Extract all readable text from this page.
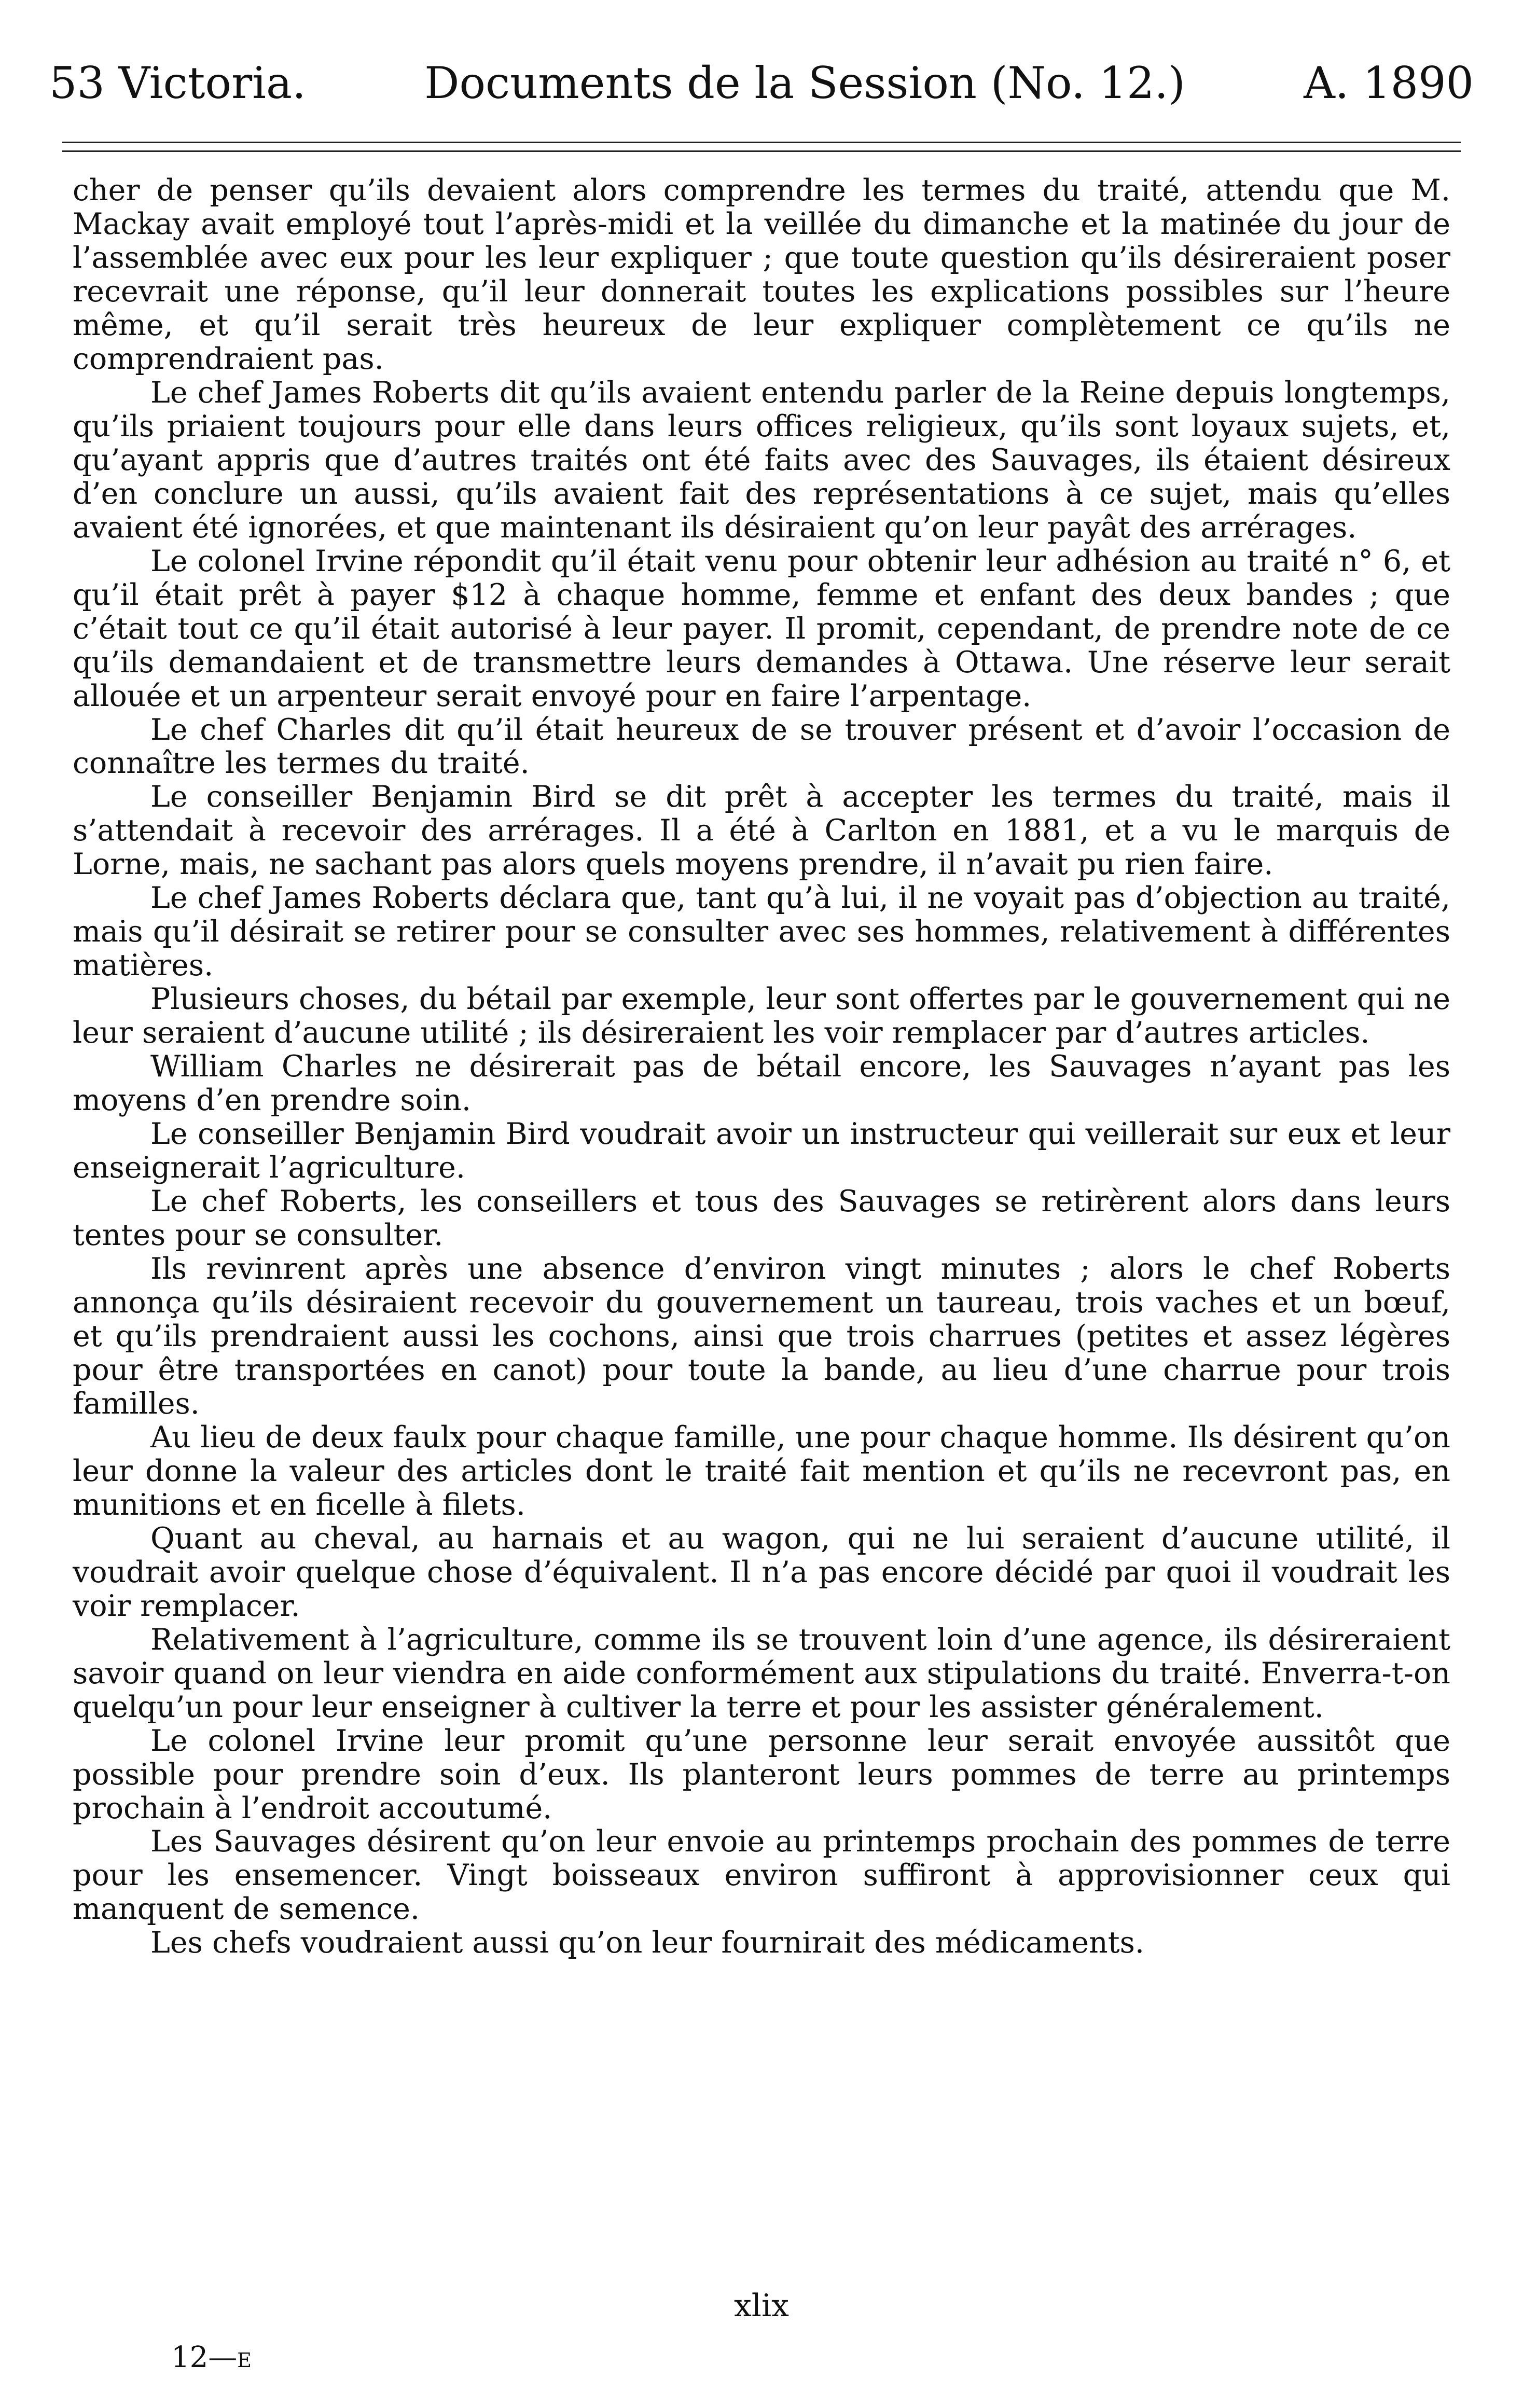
53 Victoria.	Documents de la Session (No. 12.)	A. 1890

cher de penser qu’ils devaient alors comprendre les termes du traité, attendu que M. Mackay avait employé tout l’après-midi et la veillée du dimanche et la matinée du jour de l’assemblée avec eux pour les leur expliquer ; que toute question qu’ils désireraient poser recevrait une réponse, qu’il leur donnerait toutes les explications possibles sur l’heure même, et qu’il serait très heureux de leur expliquer complètement ce qu’ils ne comprendraient pas.

Le chef James Roberts dit qu’ils avaient entendu parler de la Reine depuis longtemps, qu’ils priaient toujours pour elle dans leurs offices religieux, qu’ils sont loyaux sujets, et, qu’ayant appris que d’autres traités ont été faits avec des Sauvages, ils étaient désireux d’en conclure un aussi, qu’ils avaient fait des représentations à ce sujet, mais qu’elles avaient été ignorées, et que maintenant ils désiraient qu’on leur payât des arrérages.

Le colonel Irvine répondit qu’il était venu pour obtenir leur adhésion au traité n° 6, et qu’il était prêt à payer $12 à chaque homme, femme et enfant des deux bandes ; que c’était tout ce qu’il était autorisé à leur payer. Il promit, cependant, de prendre note de ce qu’ils demandaient et de transmettre leurs demandes à Ottawa. Une réserve leur serait allouée et un arpenteur serait envoyé pour en faire l’arpentage.

Le chef Charles dit qu’il était heureux de se trouver présent et d’avoir l’occasion de connaître les termes du traité.

Le conseiller Benjamin Bird se dit prêt à accepter les termes du traité, mais il s’attendait à recevoir des arrérages. Il a été à Carlton en 1881, et a vu le marquis de Lorne, mais, ne sachant pas alors quels moyens prendre, il n’avait pu rien faire.

Le chef James Roberts déclara que, tant qu’à lui, il ne voyait pas d’objection au traité, mais qu’il désirait se retirer pour se consulter avec ses hommes, relativement à différentes matières.

Plusieurs choses, du bétail par exemple, leur sont offertes par le gouvernement qui ne leur seraient d’aucune utilité ; ils désireraient les voir remplacer par d’autres articles.

William Charles ne désirerait pas de bétail encore, les Sauvages n’ayant pas les moyens d’en prendre soin.

Le conseiller Benjamin Bird voudrait avoir un instructeur qui veillerait sur eux et leur enseignerait l’agriculture.

Le chef Roberts, les conseillers et tous des Sauvages se retirèrent alors dans leurs tentes pour se consulter.

Ils revinrent après une absence d’environ vingt minutes ; alors le chef Roberts annonça qu’ils désiraient recevoir du gouvernement un taureau, trois vaches et un bœuf, et qu’ils prendraient aussi les cochons, ainsi que trois charrues (petites et assez légères pour être transportées en canot) pour toute la bande, au lieu d’une charrue pour trois familles.

Au lieu de deux faulx pour chaque famille, une pour chaque homme. Ils désirent qu’on leur donne la valeur des articles dont le traité fait mention et qu’ils ne recevront pas, en munitions et en ficelle à filets.

Quant au cheval, au harnais et au wagon, qui ne lui seraient d’aucune utilité, il voudrait avoir quelque chose d’équivalent. Il n’a pas encore décidé par quoi il voudrait les voir remplacer.

Relativement à l’agriculture, comme ils se trouvent loin d’une agence, ils désireraient savoir quand on leur viendra en aide conformément aux stipulations du traité. Enverra-t-on quelqu’un pour leur enseigner à cultiver la terre et pour les assister généralement.

Le colonel Irvine leur promit qu’une personne leur serait envoyée aussitôt que possible pour prendre soin d’eux. Ils planteront leurs pommes de terre au printemps prochain à l’endroit accoutumé.

Les Sauvages désirent qu’on leur envoie au printemps prochain des pommes de terre pour les ensemencer. Vingt boisseaux environ suffiront à approvisionner ceux qui manquent de semence.

Les chefs voudraient aussi qu’on leur fournirait des médicaments.

xlix
12—E
